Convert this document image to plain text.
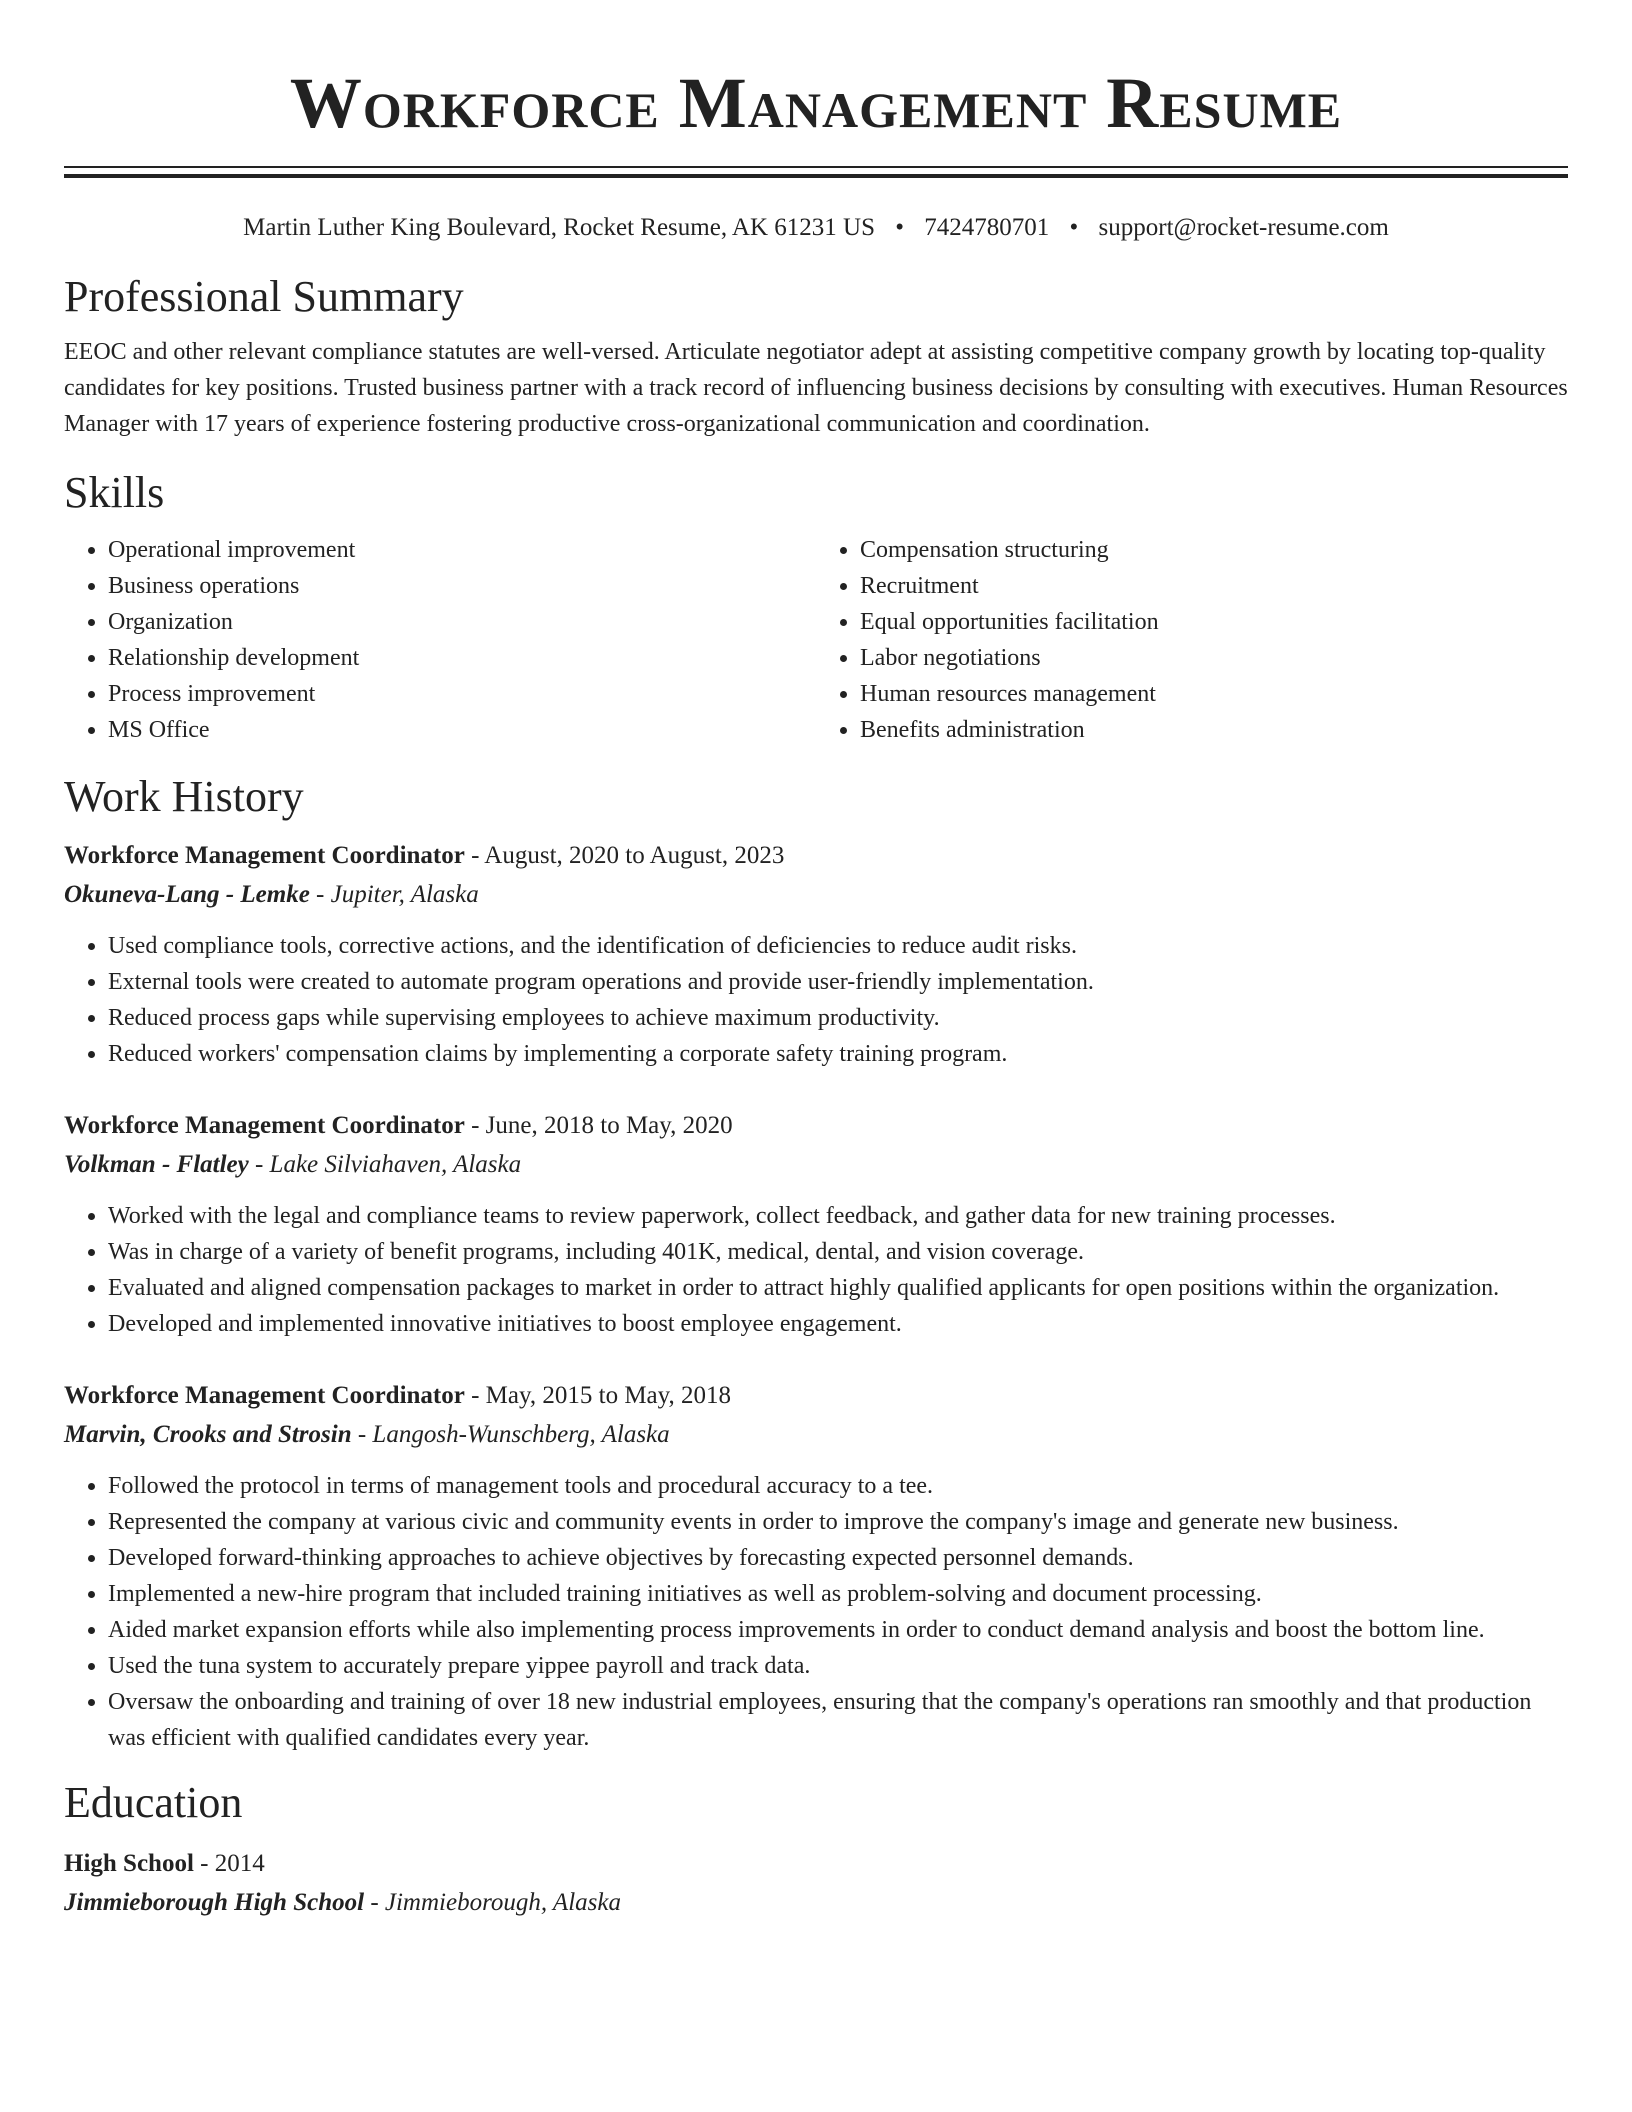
Workforce Management Resume
Martin Luther King Boulevard, Rocket Resume, AK 61231 US • 7424780701 • support@rocket-resume.com
Professional Summary

EEOC and other relevant compliance statutes are well-versed. Articulate negotiator adept at assisting competitive company growth by locating top-quality candidates for key positions. Trusted business partner with a track record of influencing business decisions by consulting with executives. Human Resources Manager with 17 years of experience fostering productive cross-organizational communication and coordination.

Skills
• Operational improvement
• Business operations
• Organization
• Relationship development
• Process improvement
• MS Office
• Compensation structuring
• Recruitment
• Equal opportunities facilitation
• Labor negotiations
• Human resources management
• Benefits administration
Work History
Workforce Management Coordinator - August, 2020 to August, 2023
Okuneva-Lang - Lemke - Jupiter, Alaska
• Used compliance tools, corrective actions, and the identification of deficiencies to reduce audit risks.
• External tools were created to automate program operations and provide user-friendly implementation.
• Reduced process gaps while supervising employees to achieve maximum productivity.
• Reduced workers' compensation claims by implementing a corporate safety training program.
Workforce Management Coordinator - June, 2018 to May, 2020
Volkman - Flatley - Lake Silviahaven, Alaska
• Worked with the legal and compliance teams to review paperwork, collect feedback, and gather data for new training processes.
• Was in charge of a variety of benefit programs, including 401K, medical, dental, and vision coverage.
• Evaluated and aligned compensation packages to market in order to attract highly qualified applicants for open positions within the organization.
• Developed and implemented innovative initiatives to boost employee engagement.
Workforce Management Coordinator - May, 2015 to May, 2018
Marvin, Crooks and Strosin - Langosh-Wunschberg, Alaska
• Followed the protocol in terms of management tools and procedural accuracy to a tee.
• Represented the company at various civic and community events in order to improve the company's image and generate new business.
• Developed forward-thinking approaches to achieve objectives by forecasting expected personnel demands.
• Implemented a new-hire program that included training initiatives as well as problem-solving and document processing.
• Aided market expansion efforts while also implementing process improvements in order to conduct demand analysis and boost the bottom line.
• Used the tuna system to accurately prepare yippee payroll and track data.
• Oversaw the onboarding and training of over 18 new industrial employees, ensuring that the company's operations ran smoothly and that production was efficient with qualified candidates every year.
Education
High School - 2014
Jimmieborough High School - Jimmieborough, Alaska
